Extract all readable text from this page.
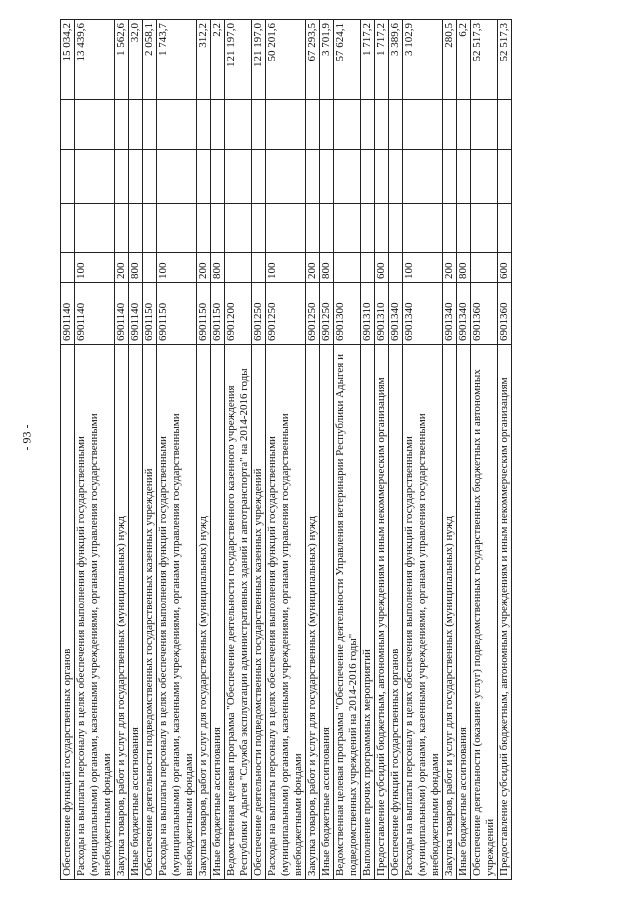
- 93 -
Обеспечение функций государственных органов	6901140					15 034,2
Расходы на выплаты персоналу в целях обеспечения выполнения функций государственными (муниципальными) органами, казенными учреждениями, органами управления государственными внебюджетными фондами	6901140	100				13 439,6
Закупка товаров, работ и услуг для государственных (муниципальных) нужд	6901140	200				1 562,6
Иные бюджетные ассигнования	6901140	800				32,0
Обеспечение деятельности подведомственных государственных казенных учреждений	6901150					2 058,1
Расходы на выплаты персоналу в целях обеспечения выполнения функций государственными (муниципальными) органами, казенными учреждениями, органами управления государственными внебюджетными фондами	6901150	100				1 743,7
Закупка товаров, работ и услуг для государственных (муниципальных) нужд	6901150	200				312,2
Иные бюджетные ассигнования	6901150	800				2,2
Ведомственная целевая программа "Обеспечение деятельности государственного казенного учреждения Республики Адыгея "Служба эксплуатации административных зданий и автотранспорта" на 2014-2016 годы	6901200					121 197,0
Обеспечение деятельности подведомственных государственных казенных учреждений	6901250					121 197,0
Расходы на выплаты персоналу в целях обеспечения выполнения функций государственными (муниципальными) органами, казенными учреждениями, органами управления государственными внебюджетными фондами	6901250	100				50 201,6
Закупка товаров, работ и услуг для государственных (муниципальных) нужд	6901250	200				67 293,5
Иные бюджетные ассигнования	6901250	800				3 701,9
Ведомственная целевая программа "Обеспечение деятельности Управления ветеринарии Республики Адыгея и подведомственных учреждений на 2014-2016 годы"	6901300					57 624,1
Выполнение прочих программных мероприятий	6901310					1 717,2
Предоставление субсидий бюджетным, автономным учреждениям и иным некоммерческим организациям	6901310	600				1 717,2
Обеспечение функций государственных органов	6901340					3 389,6
Расходы на выплаты персоналу в целях обеспечения выполнения функций государственными (муниципальными) органами, казенными учреждениями, органами управления государственными внебюджетными фондами	6901340	100				3 102,9
Закупка товаров, работ и услуг для государственных (муниципальных) нужд	6901340	200				280,5
Иные бюджетные ассигнования	6901340	800				6,2
Обеспечение деятельности (оказание услуг) подведомственных государственных бюджетных и автономных учреждений	6901360					52 517,3
Предоставление субсидий бюджетным, автономным учреждениям и иным некоммерческим организациям	6901360	600				52 517,3
